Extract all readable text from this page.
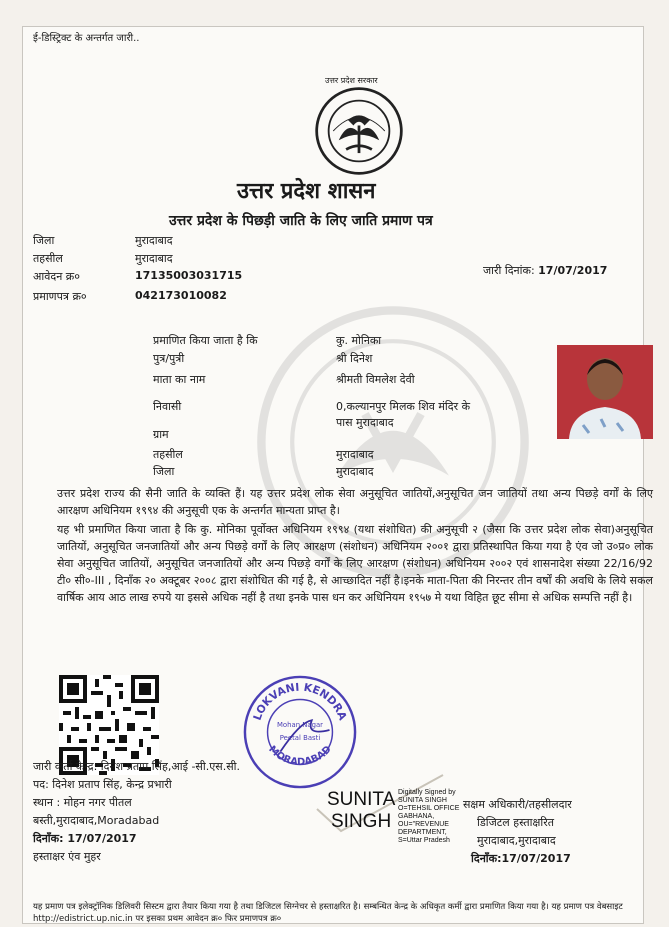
ई-डिस्ट्रिक्ट के अन्तर्गत जारी..
उत्तर प्रदेश सरकार
उत्तर प्रदेश शासन
उत्तर प्रदेश के पिछड़ी जाति के लिए जाति प्रमाण पत्र
जिला	मुरादाबाद
तहसील	मुरादाबाद
आवेदन क्र०	17135003031715
प्रमाणपत्र क्र०	042173010082
जारी दिनांक: 17/07/2017
प्रमाणित किया जाता है कि	कु. मोनिका
पुत्र/पुत्री	श्री दिनेश
माता का नाम	श्रीमती विमलेश देवी
निवासी	0,कल्यानपुर मिलक शिव मंदिर के
पास मुरादाबाद
ग्राम
तहसील	मुरादाबाद
जिला	मुरादाबाद
उत्तर प्रदेश राज्य की सैनी जाति के व्यक्ति हैं। यह उत्तर प्रदेश लोक सेवा अनुसूचित जातियों,अनुसूचित जन जातियों तथा अन्य पिछड़े वर्गों के लिए आरक्षण अधिनियम १९९४ की अनुसूची एक के अन्तर्गत मान्यता प्राप्त है।
यह भी प्रमाणित किया जाता है कि कु. मोनिका पूर्वोक्त अधिनियम १९९४ (यथा संशोधित) की अनुसूची २ (जैसा कि उत्तर प्रदेश लोक सेवा)अनुसूचित जातियों, अनुसूचित जनजातियों और अन्य पिछड़े वर्गों के लिए आरक्षण (संशोधन) अधिनियम २००१ द्वारा प्रतिस्थापित किया गया है एंव जो उ०प्र० लोक सेवा अनुसूचित जातियों, अनुसूचित जनजातियों और अन्य पिछड़े वर्गों के लिए आरक्षण (संशोधन) अधिनियम २००२ एवं शासनादेश संख्या 22/16/92 टी० सी०-III , दिनाँक २० अक्टूबर २००८ द्वारा संशोधित की गई है, से आच्छादित नहीं है।इनके माता-पिता की निरन्तर तीन वर्षों की अवधि के लिये सकल वार्षिक आय आठ लाख रुपये या इससे अधिक नहीं है तथा इनके पास धन कर अधिनियम १९५७ मे यथा विहित छूट सीमा से अधिक सम्पत्ति नहीं है।
LOKVANI KENDRA
MORADABAD
Mohan Nagar
Peetal Basti
जारी कर्ता केन्द्र: दिनेश प्रताप सिंह,आई -सी.एस.सी.
पद: दिनेश प्रताप सिंह, केन्द्र प्रभारी
स्थान : मोहन नगर पीतल
बस्ती,मुरादाबाद,Moradabad
दिनाँक: 17/07/2017
हस्ताक्षर एंव मुहर
SUNITA
SINGH
Digitally Signed by
SUNITA SINGH
O=TEHSIL OFFICE
GABHANA,
OU="REVENUE
DEPARTMENT,
S=Uttar Pradesh
सक्षम अधिकारी/तहसीलदार
डिजिटल हस्ताक्षरित
मुरादाबाद,मुरादाबाद
दिनाँक:17/07/2017
यह प्रमाण पत्र इलेक्ट्रॉनिक डिलिवरी सिस्टम द्वारा तैयार किया गया है तथा डिजिटल सिग्नेचर से हस्ताक्षरित है। सम्बन्धित केन्द्र के अधिकृत कर्मी द्वारा प्रमाणित किया गया है। यह प्रमाण पत्र वेबसाइट http://edistrict.up.nic.in पर इसका प्रथम आवेदन क्र० फिर प्रमाणपत्र क्र०
